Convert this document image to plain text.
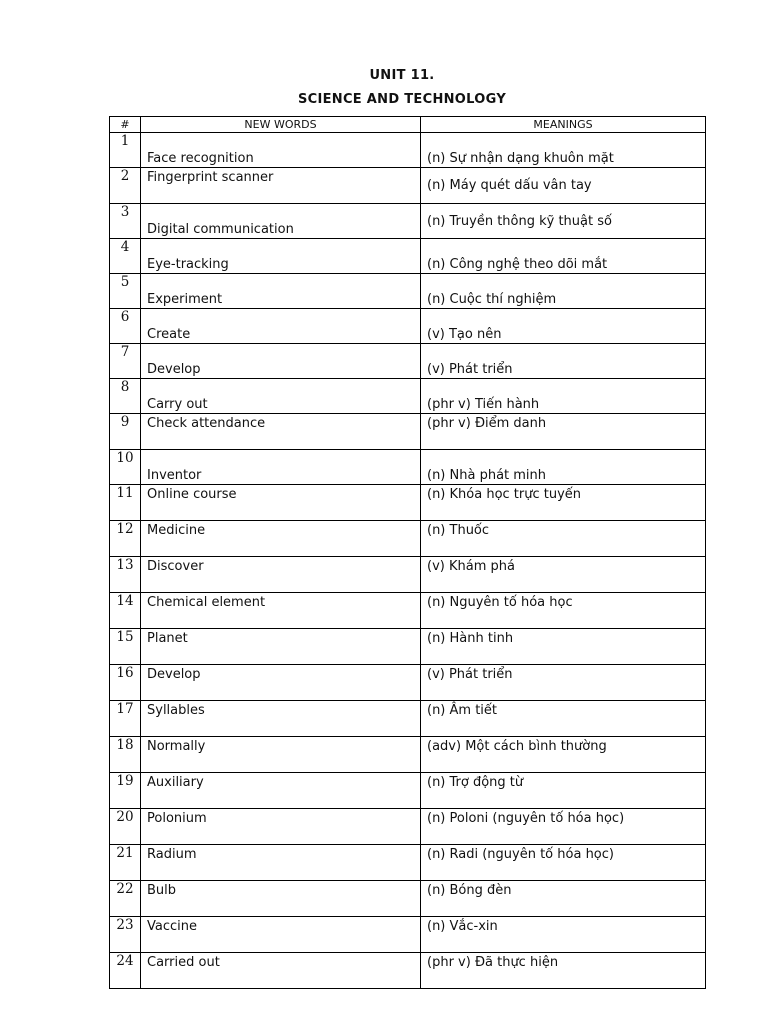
UNIT 11.
SCIENCE AND TECHNOLOGY
#	NEW WORDS	MEANINGS
1	Face recognition	(n) Sự nhận dạng khuôn mặt
2	Fingerprint scanner	(n) Máy quét dấu vân tay
3	Digital communication	(n) Truyền thông kỹ thuật số
4	Eye-tracking	(n) Công nghệ theo dõi mắt
5	Experiment	(n) Cuộc thí nghiệm
6	Create	(v) Tạo nên
7	Develop	(v) Phát triển
8	Carry out	(phr v) Tiến hành
9	Check attendance	(phr v) Điểm danh
10	Inventor	(n) Nhà phát minh
11	Online course	(n) Khóa học trực tuyến
12	Medicine	(n) Thuốc
13	Discover	(v) Khám phá
14	Chemical element	(n) Nguyên tố hóa học
15	Planet	(n) Hành tinh
16	Develop	(v) Phát triển
17	Syllables	(n) Âm tiết
18	Normally	(adv) Một cách bình thường
19	Auxiliary	(n) Trợ động từ
20	Polonium	(n) Poloni (nguyên tố hóa học)
21	Radium	(n) Radi (nguyên tố hóa học)
22	Bulb	(n) Bóng đèn
23	Vaccine	(n) Vắc-xin
24	Carried out	(phr v) Đã thực hiện
